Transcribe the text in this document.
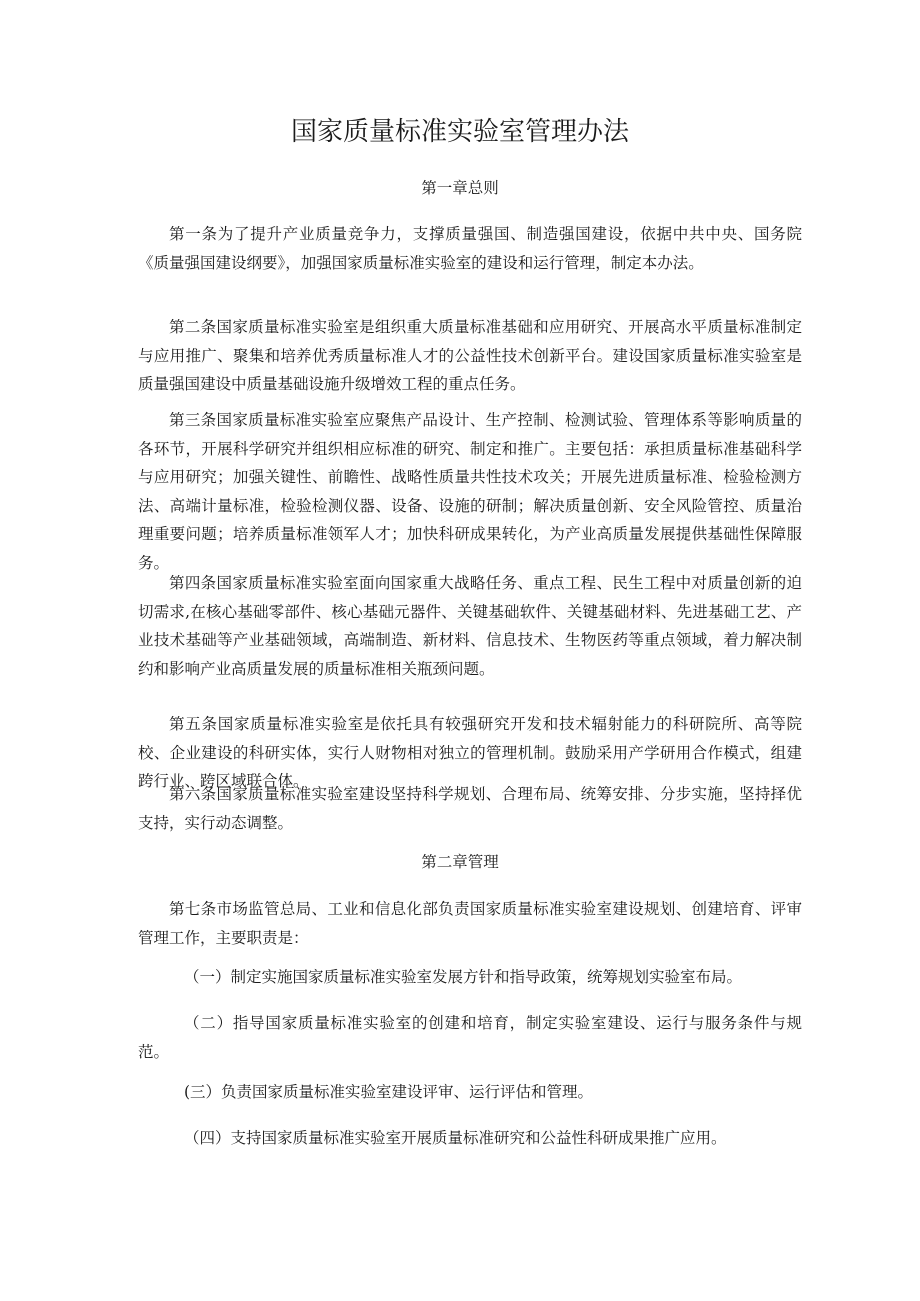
国家质量标准实验室管理办法
第一章总则

第一条为了提升产业质量竞争力，支撑质量强国、制造强国建设，依据中共中央、国务院《质量强国建设纲要》，加强国家质量标准实验室的建设和运行管理，制定本办法。

第二条国家质量标准实验室是组织重大质量标准基础和应用研究、开展高水平质量标准制定与应用推广、聚集和培养优秀质量标准人才的公益性技术创新平台。建设国家质量标准实验室是质量强国建设中质量基础设施升级增效工程的重点任务。

第三条国家质量标准实验室应聚焦产品设计、生产控制、检测试验、管理体系等影响质量的各环节，开展科学研究并组织相应标准的研究、制定和推广。主要包括：承担质量标准基础科学与应用研究；加强关键性、前瞻性、战略性质量共性技术攻关；开展先进质量标准、检验检测方法、高端计量标准，检验检测仪器、设备、设施的研制；解决质量创新、安全风险管控、质量治理重要问题；培养质量标准领军人才；加快科研成果转化，为产业高质量发展提供基础性保障服务。

第四条国家质量标准实验室面向国家重大战略任务、重点工程、民生工程中对质量创新的迫切需求,在核心基础零部件、核心基础元器件、关键基础软件、关键基础材料、先进基础工艺、产业技术基础等产业基础领域，高端制造、新材料、信息技术、生物医药等重点领域，着力解决制约和影响产业高质量发展的质量标准相关瓶颈问题。

第五条国家质量标准实验室是依托具有较强研究开发和技术辐射能力的科研院所、高等院校、企业建设的科研实体，实行人财物相对独立的管理机制。鼓励采用产学研用合作模式，组建跨行业、跨区域联合体。

第六条国家质量标准实验室建设坚持科学规划、合理布局、统筹安排、分步实施，坚持择优支持，实行动态调整。

第二章管理

第七条市场监管总局、工业和信息化部负责国家质量标准实验室建设规划、创建培育、评审管理工作，主要职责是：

（一）制定实施国家质量标准实验室发展方针和指导政策，统筹规划实验室布局。

（二）指导国家质量标准实验室的创建和培育，制定实验室建设、运行与服务条件与规范。

(三）负责国家质量标准实验室建设评审、运行评估和管理。

（四）支持国家质量标准实验室开展质量标准研究和公益性科研成果推广应用。
